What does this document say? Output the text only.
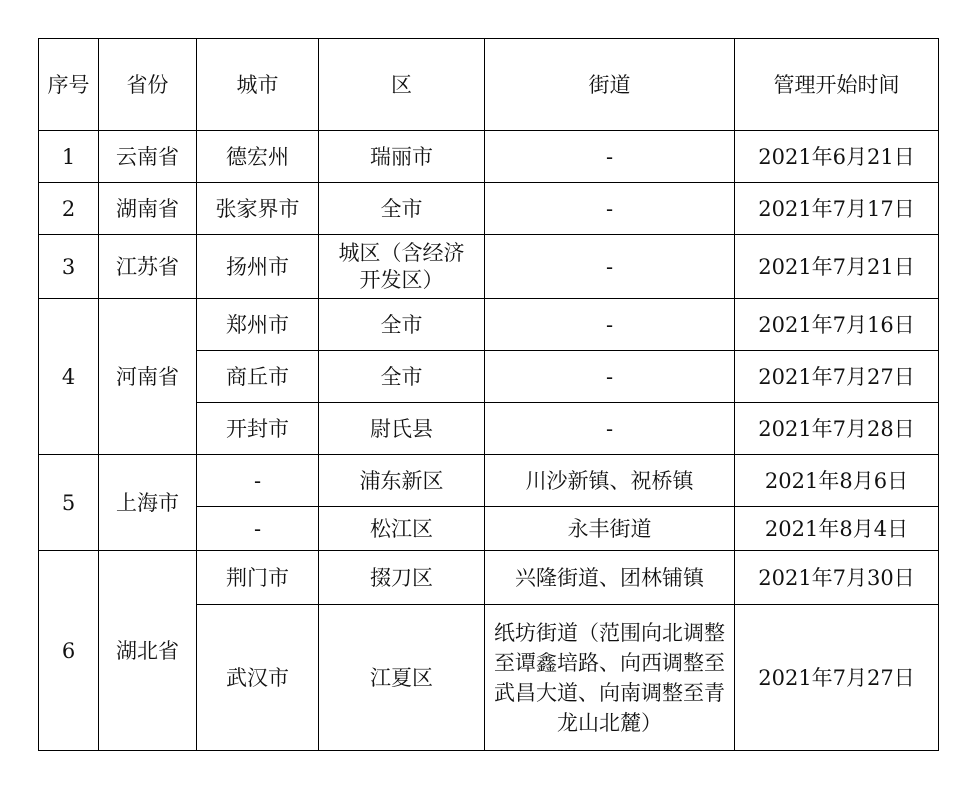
序号	省份	城市	区	街道	管理开始时间
1	云南省	德宏州	瑞丽市	-	2021年6月21日
2	湖南省	张家界市	全市	-	2021年7月17日
3	江苏省	扬州市	城区（含经济开发区）	-	2021年7月21日
4	河南省	郑州市	全市	-	2021年7月16日
		商丘市	全市	-	2021年7月27日
		开封市	尉氏县	-	2021年7月28日
5	上海市	-	浦东新区	川沙新镇、祝桥镇	2021年8月6日
		-	松江区	永丰街道	2021年8月4日
6	湖北省	荆门市	掇刀区	兴隆街道、团林铺镇	2021年7月30日
		武汉市	江夏区	纸坊街道（范围向北调整至谭鑫培路、向西调整至武昌大道、向南调整至青龙山北麓）	2021年7月27日
